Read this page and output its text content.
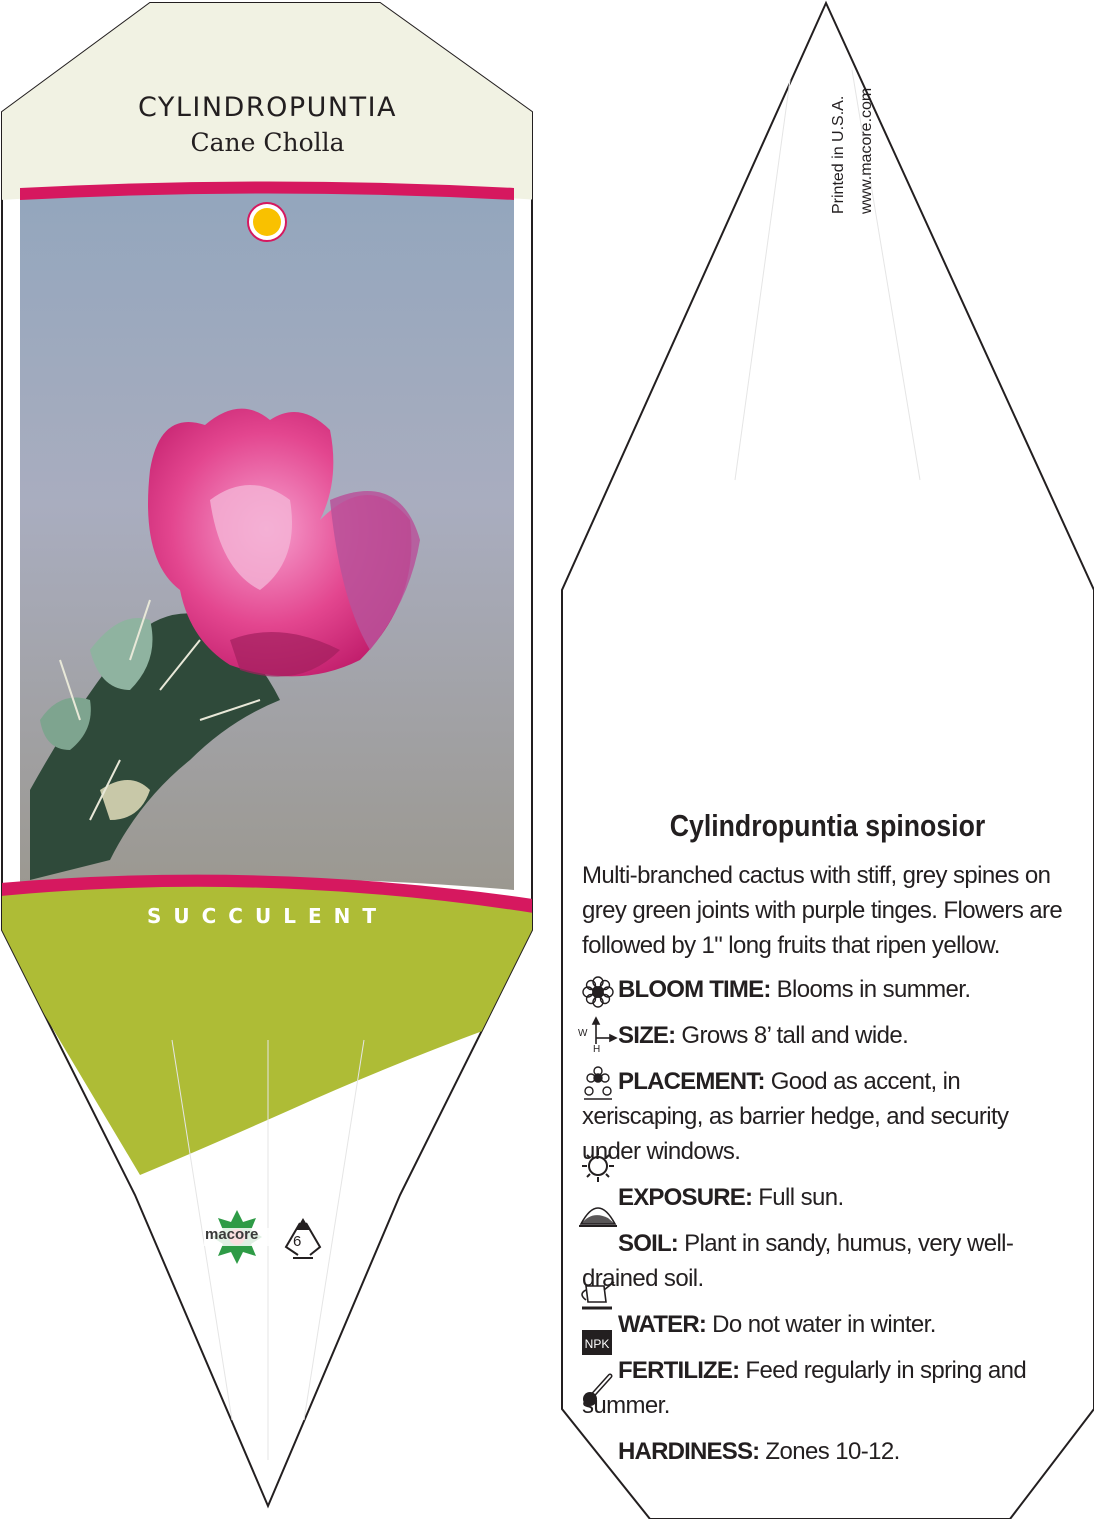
NPK
CYLINDROPUNTIA
Cane Cholla
SUCCULENT
macore 6
Printed in U.S.A. www.macore.com
Cylindropuntia spinosior

Multi-branched cactus with stiff, grey spines on grey green joints with purple tinges. Flowers are followed by 1" long fruits that ripen yellow.

BLOOM TIME: Blooms in summer.
SIZE: Grows 8’ tall and wide.
PLACEMENT: Good as accent, in xeriscaping, as barrier hedge, and security under windows.
EXPOSURE: Full sun.
SOIL: Plant in sandy, humus, very well-drained soil.
WATER: Do not water in winter.
FERTILIZE: Feed regularly in spring and summer.
HARDINESS: Zones 10-12.
W
H
